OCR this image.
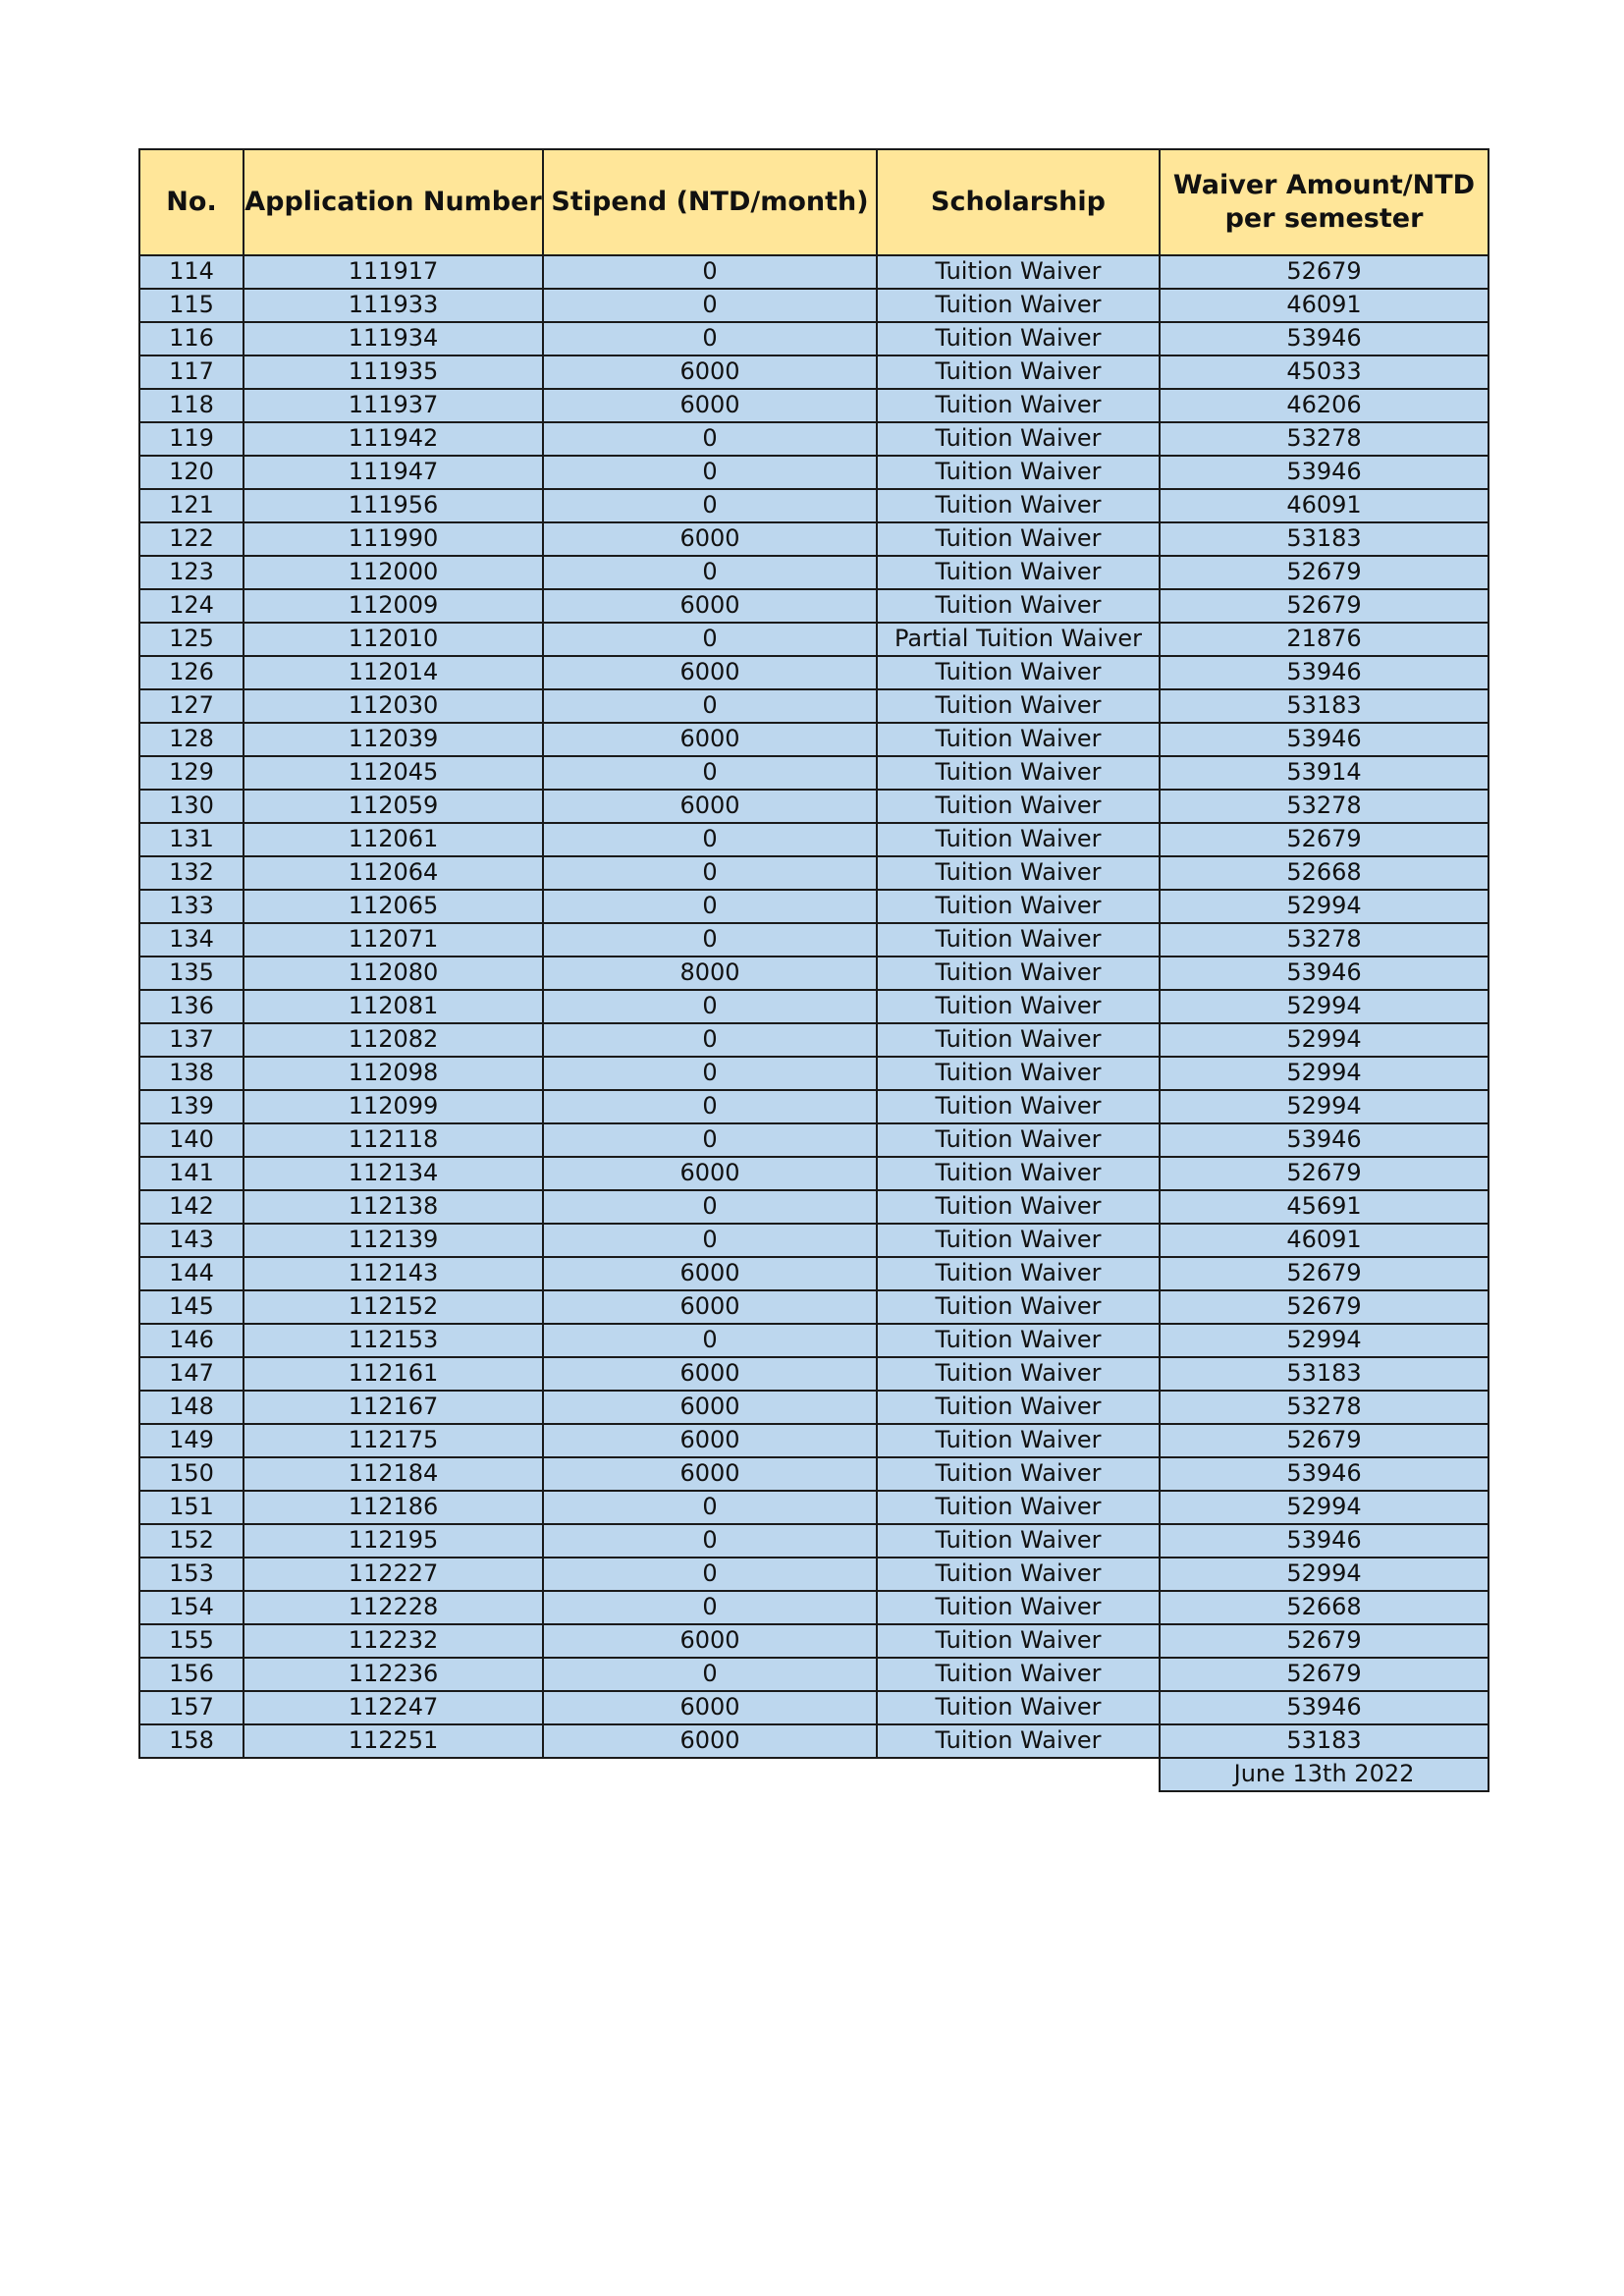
No.	Application Number	Stipend (NTD/month)	Scholarship	Waiver Amount/NTD
per semester
114	111917	0	Tuition Waiver	52679
115	111933	0	Tuition Waiver	46091
116	111934	0	Tuition Waiver	53946
117	111935	6000	Tuition Waiver	45033
118	111937	6000	Tuition Waiver	46206
119	111942	0	Tuition Waiver	53278
120	111947	0	Tuition Waiver	53946
121	111956	0	Tuition Waiver	46091
122	111990	6000	Tuition Waiver	53183
123	112000	0	Tuition Waiver	52679
124	112009	6000	Tuition Waiver	52679
125	112010	0	Partial Tuition Waiver	21876
126	112014	6000	Tuition Waiver	53946
127	112030	0	Tuition Waiver	53183
128	112039	6000	Tuition Waiver	53946
129	112045	0	Tuition Waiver	53914
130	112059	6000	Tuition Waiver	53278
131	112061	0	Tuition Waiver	52679
132	112064	0	Tuition Waiver	52668
133	112065	0	Tuition Waiver	52994
134	112071	0	Tuition Waiver	53278
135	112080	8000	Tuition Waiver	53946
136	112081	0	Tuition Waiver	52994
137	112082	0	Tuition Waiver	52994
138	112098	0	Tuition Waiver	52994
139	112099	0	Tuition Waiver	52994
140	112118	0	Tuition Waiver	53946
141	112134	6000	Tuition Waiver	52679
142	112138	0	Tuition Waiver	45691
143	112139	0	Tuition Waiver	46091
144	112143	6000	Tuition Waiver	52679
145	112152	6000	Tuition Waiver	52679
146	112153	0	Tuition Waiver	52994
147	112161	6000	Tuition Waiver	53183
148	112167	6000	Tuition Waiver	53278
149	112175	6000	Tuition Waiver	52679
150	112184	6000	Tuition Waiver	53946
151	112186	0	Tuition Waiver	52994
152	112195	0	Tuition Waiver	53946
153	112227	0	Tuition Waiver	52994
154	112228	0	Tuition Waiver	52668
155	112232	6000	Tuition Waiver	52679
156	112236	0	Tuition Waiver	52679
157	112247	6000	Tuition Waiver	53946
158	112251	6000	Tuition Waiver	53183
				June 13th 2022
